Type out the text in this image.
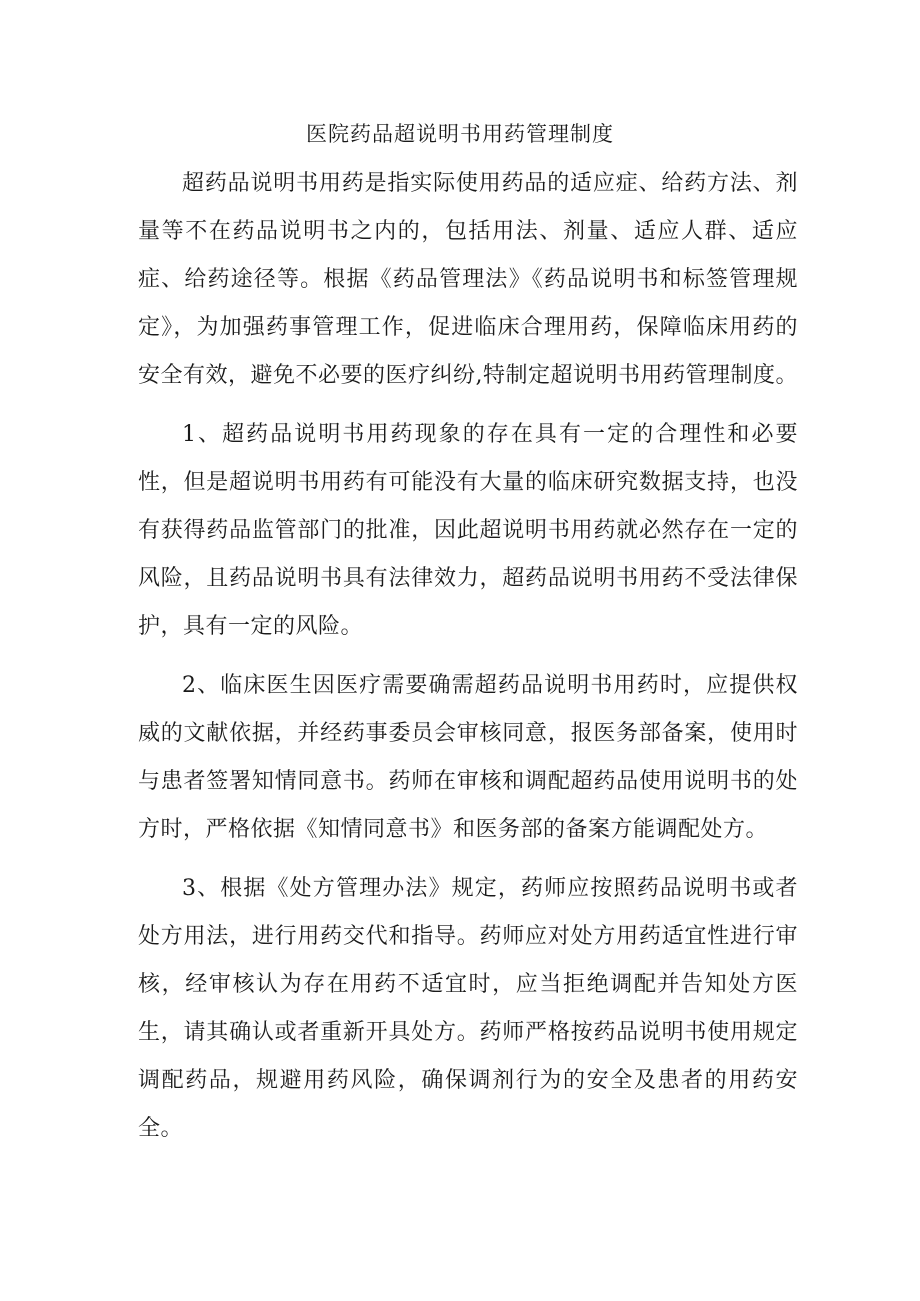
医院药品超说明书用药管理制度

超药品说明书用药是指实际使用药品的适应症、给药方法、剂量等不在药品说明书之内的，包括用法、剂量、适应人群、适应症、给药途径等。根据《药品管理法》《药品说明书和标签管理规定》，为加强药事管理工作，促进临床合理用药，保障临床用药的安全有效，避免不必要的医疗纠纷,特制定超说明书用药管理制度。

1、超药品说明书用药现象的存在具有一定的合理性和必要性，但是超说明书用药有可能没有大量的临床研究数据支持，也没有获得药品监管部门的批准，因此超说明书用药就必然存在一定的风险，且药品说明书具有法律效力，超药品说明书用药不受法律保护，具有一定的风险。

2、临床医生因医疗需要确需超药品说明书用药时，应提供权威的文献依据，并经药事委员会审核同意，报医务部备案，使用时与患者签署知情同意书。药师在审核和调配超药品使用说明书的处方时，严格依据《知情同意书》和医务部的备案方能调配处方。

3、根据《处方管理办法》规定，药师应按照药品说明书或者处方用法，进行用药交代和指导。药师应对处方用药适宜性进行审核，经审核认为存在用药不适宜时，应当拒绝调配并告知处方医生，请其确认或者重新开具处方。药师严格按药品说明书使用规定调配药品，规避用药风险，确保调剂行为的安全及患者的用药安全。
